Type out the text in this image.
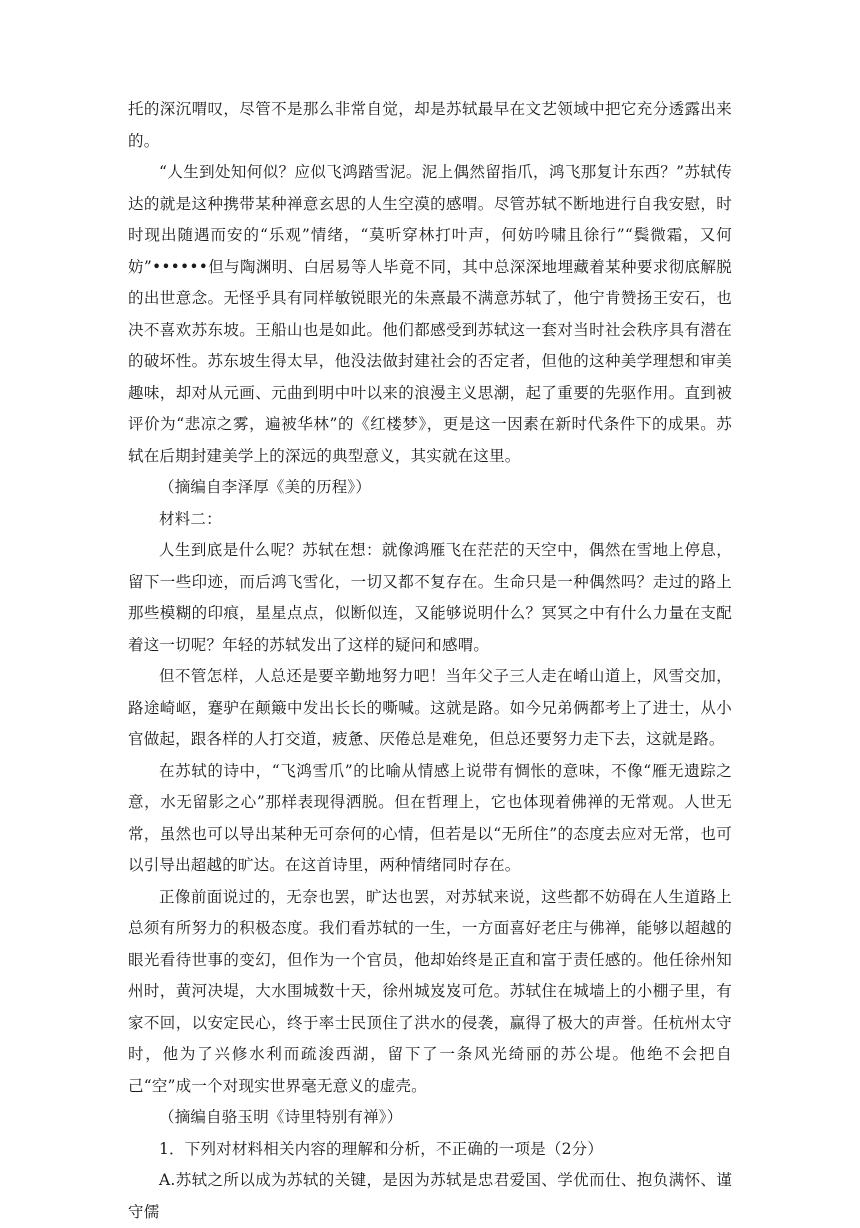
托的深沉喟叹，尽管不是那么非常自觉，却是苏轼最早在文艺领域中把它充分透露出来的。

“人生到处知何似？应似飞鸿踏雪泥。泥上偶然留指爪，鸿飞那复计东西？”苏轼传达的就是这种携带某种禅意玄思的人生空漠的感喟。尽管苏轼不断地进行自我安慰，时时现出随遇而安的“乐观”情绪，“莫听穿林打叶声，何妨吟啸且徐行”“鬓微霜，又何妨”••••••但与陶渊明、白居易等人毕竟不同，其中总深深地埋藏着某种要求彻底解脱的出世意念。无怪乎具有同样敏锐眼光的朱熹最不满意苏轼了，他宁肯赞扬王安石，也决不喜欢苏东坡。王船山也是如此。他们都感受到苏轼这一套对当时社会秩序具有潜在的破坏性。苏东坡生得太早，他没法做封建社会的否定者，但他的这种美学理想和审美趣味，却对从元画、元曲到明中叶以来的浪漫主义思潮，起了重要的先驱作用。直到被评价为“悲凉之雾，遍被华林”的《红楼梦》，更是这一因素在新时代条件下的成果。苏轼在后期封建美学上的深远的典型意义，其实就在这里。

（摘编自李泽厚《美的历程》）

材料二：

人生到底是什么呢？苏轼在想：就像鸿雁飞在茫茫的天空中，偶然在雪地上停息，留下一些印迹，而后鸿飞雪化，一切又都不复存在。生命只是一种偶然吗？走过的路上那些模糊的印痕，星星点点，似断似连，又能够说明什么？冥冥之中有什么力量在支配着这一切呢？年轻的苏轼发出了这样的疑问和感喟。

但不管怎样，人总还是要辛勤地努力吧！当年父子三人走在崤山道上，风雪交加，路途崎岖，蹇驴在颠簸中发出长长的嘶喊。这就是路。如今兄弟俩都考上了进士，从小官做起，跟各样的人打交道，疲惫、厌倦总是难免，但总还要努力走下去，这就是路。

在苏轼的诗中，“飞鸿雪爪”的比喻从情感上说带有惆怅的意味，不像“雁无遗踪之意，水无留影之心”那样表现得洒脱。但在哲理上，它也体现着佛禅的无常观。人世无常，虽然也可以导出某种无可奈何的心情，但若是以“无所住”的态度去应对无常，也可以引导出超越的旷达。在这首诗里，两种情绪同时存在。

正像前面说过的，无奈也罢，旷达也罢，对苏轼来说，这些都不妨碍在人生道路上总须有所努力的积极态度。我们看苏轼的一生，一方面喜好老庄与佛禅，能够以超越的眼光看待世事的变幻，但作为一个官员，他却始终是正直和富于责任感的。他任徐州知州时，黄河决堤，大水围城数十天，徐州城岌岌可危。苏轼住在城墙上的小棚子里，有家不回，以安定民心，终于率士民顶住了洪水的侵袭，赢得了极大的声誉。任杭州太守时，他为了兴修水利而疏浚西湖，留下了一条风光绮丽的苏公堤。他绝不会把自己“空”成一个对现实世界毫无意义的虚壳。

（摘编自骆玉明《诗里特别有禅》）

1．下列对材料相关内容的理解和分析，不正确的一项是（2分）

A.苏轼之所以成为苏轼的关键，是因为苏轼是忠君爱国、学优而仕、抱负满怀、谨守儒
